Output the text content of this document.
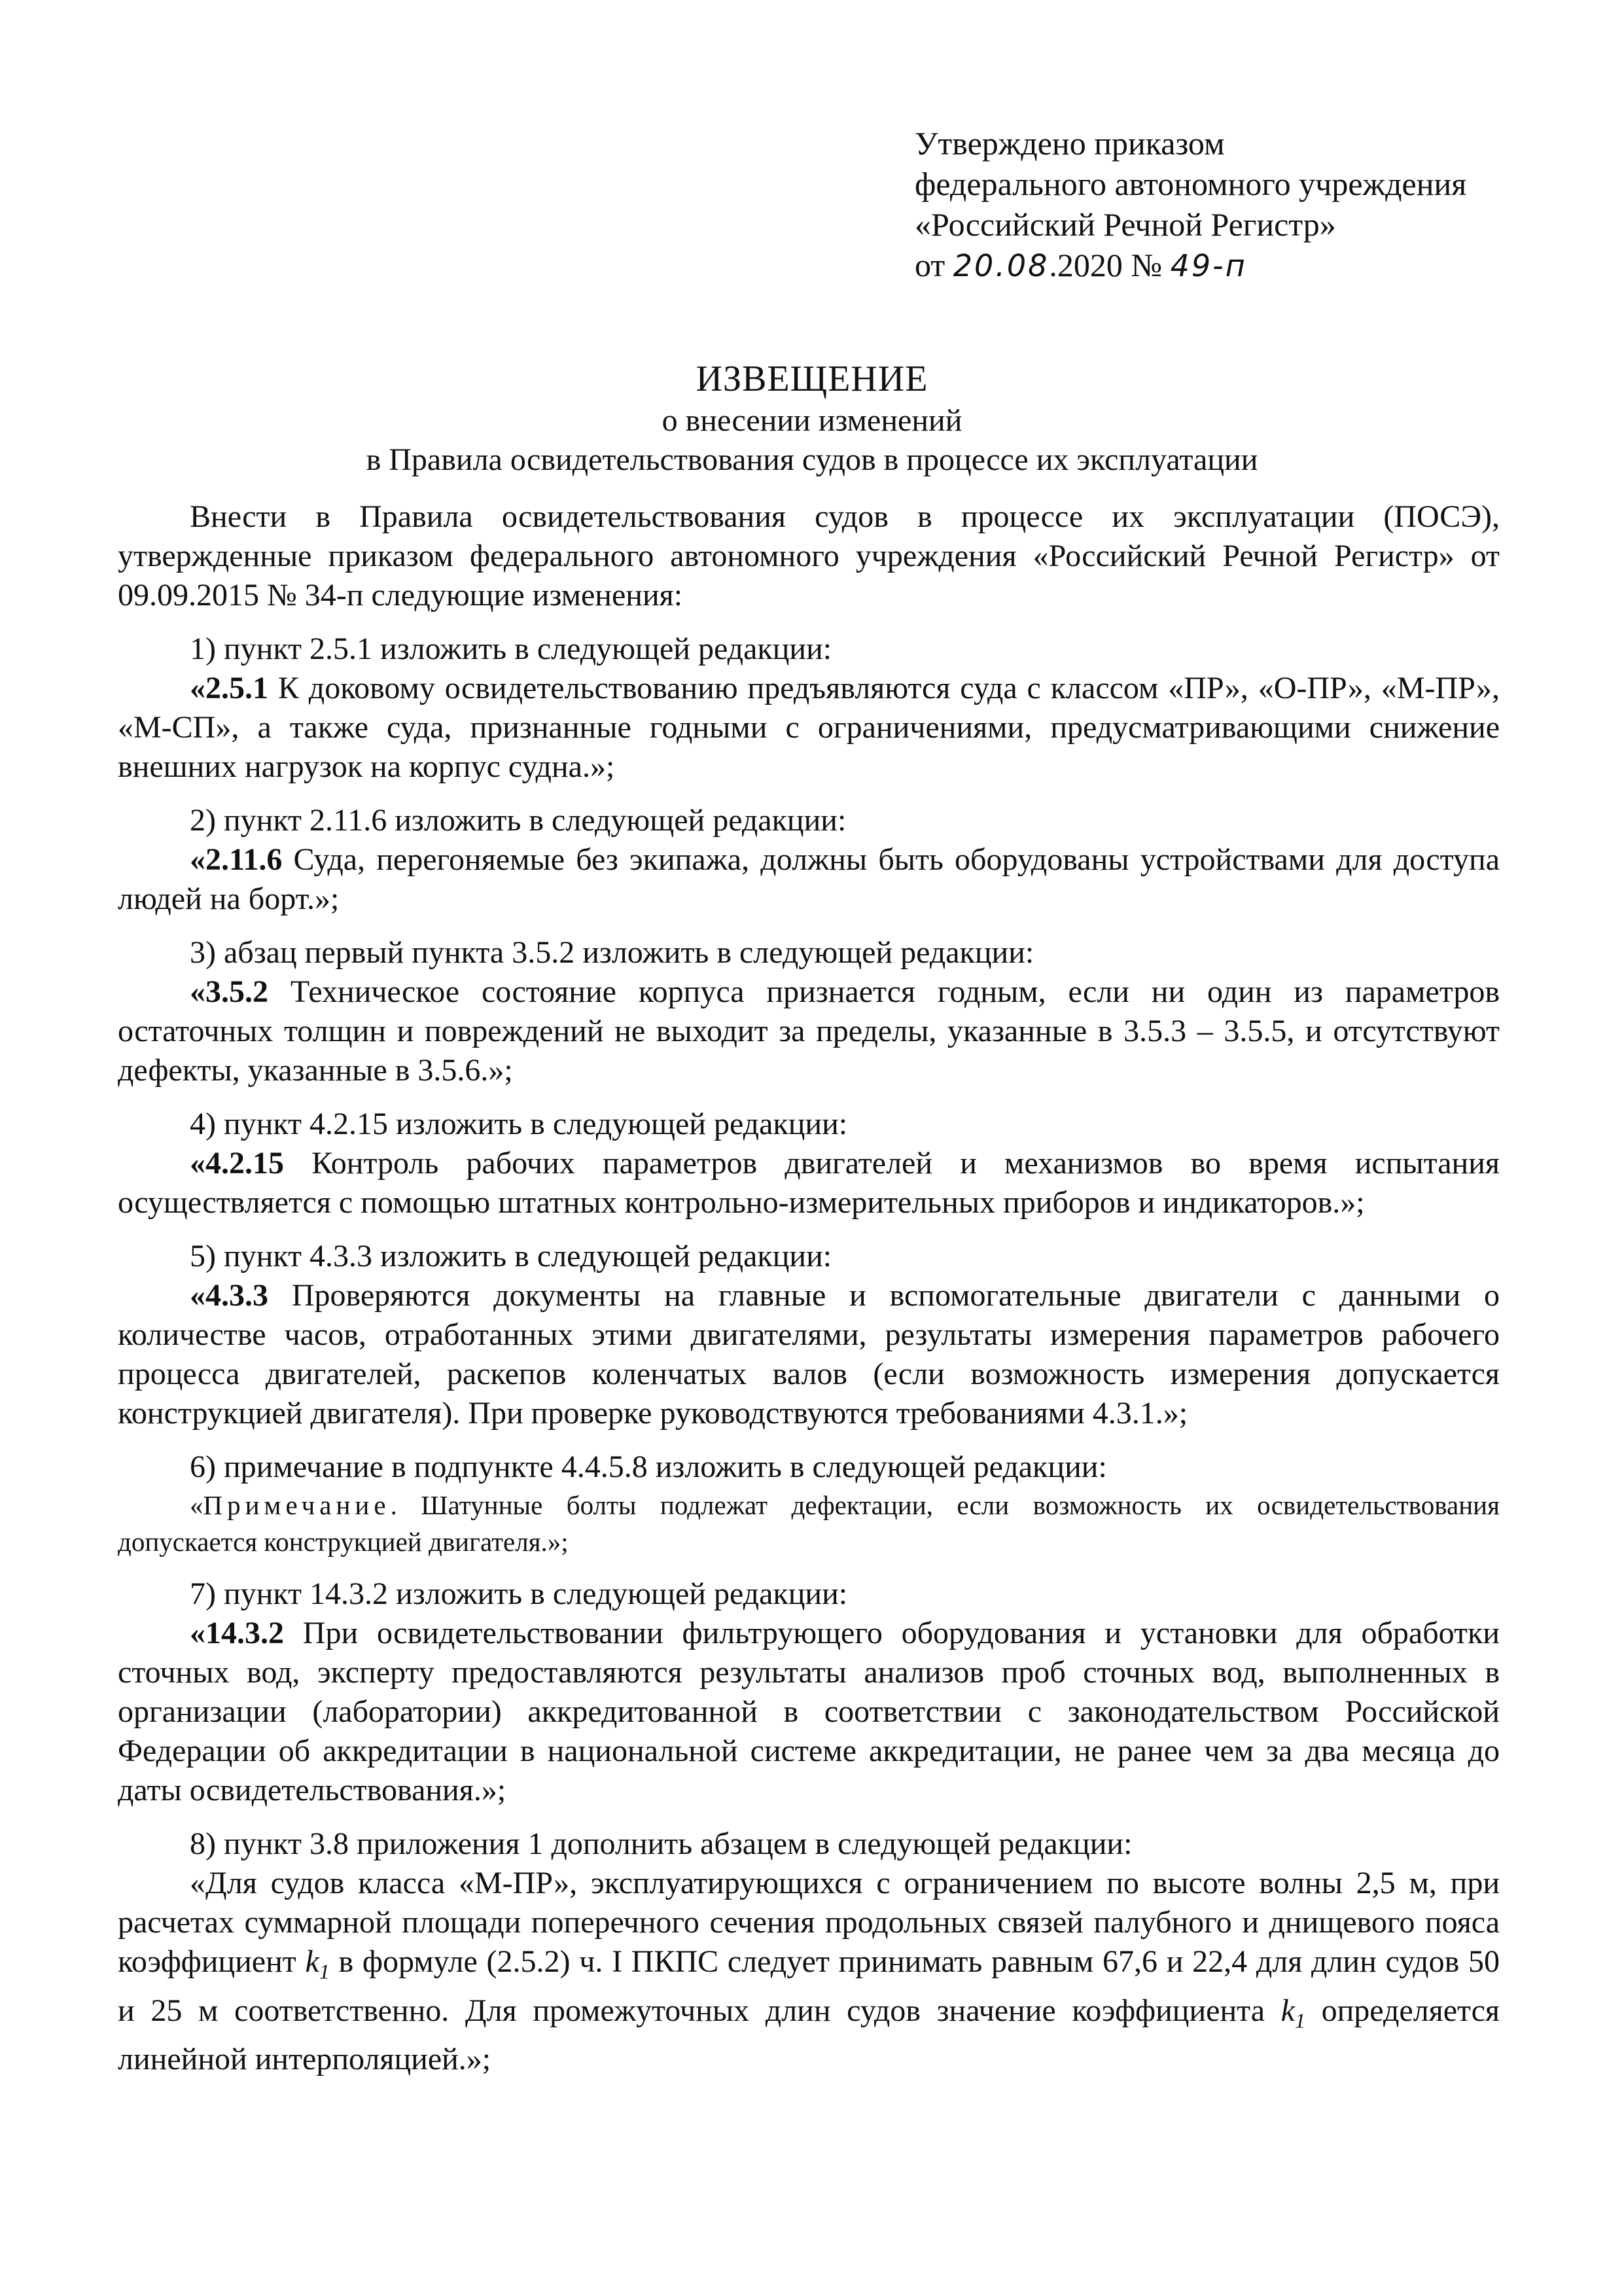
Утверждено приказом
федерального автономного учреждения
«Российский Речной Регистр»
от 20.08.2020 № 49-п
ИЗВЕЩЕНИЕ
о внесении изменений
в Правила освидетельствования судов в процессе их эксплуатации

Внести в Правила освидетельствования судов в процессе их эксплуатации (ПОСЭ), утвержденные приказом федерального автономного учреждения «Российский Речной Регистр» от 09.09.2015 № 34-п следующие изменения:

1) пункт 2.5.1 изложить в следующей редакции:

«2.5.1 К доковому освидетельствованию предъявляются суда с классом «ПР», «О-ПР», «М-ПР», «М-СП», а также суда, признанные годными с ограничениями, предусматривающими снижение внешних нагрузок на корпус судна.»;

2) пункт 2.11.6 изложить в следующей редакции:

«2.11.6 Суда, перегоняемые без экипажа, должны быть оборудованы устройствами для доступа людей на борт.»;

3) абзац первый пункта 3.5.2 изложить в следующей редакции:

«3.5.2 Техническое состояние корпуса признается годным, если ни один из параметров остаточных толщин и повреждений не выходит за пределы, указанные в 3.5.3 – 3.5.5, и отсутствуют дефекты, указанные в 3.5.6.»;

4) пункт 4.2.15 изложить в следующей редакции:

«4.2.15 Контроль рабочих параметров двигателей и механизмов во время испытания осуществляется с помощью штатных контрольно-измерительных приборов и индикаторов.»;

5) пункт 4.3.3 изложить в следующей редакции:

«4.3.3 Проверяются документы на главные и вспомогательные двигатели с данными о количестве часов, отработанных этими двигателями, результаты измерения параметров рабочего процесса двигателей, раскепов коленчатых валов (если возможность измерения допускается конструкцией двигателя). При проверке руководствуются требованиями 4.3.1.»;

6) примечание в подпункте 4.4.5.8 изложить в следующей редакции:

«Примечание. Шатунные болты подлежат дефектации, если возможность их освидетельствования допускается конструкцией двигателя.»;

7) пункт 14.3.2 изложить в следующей редакции:

«14.3.2 При освидетельствовании фильтрующего оборудования и установки для обработки сточных вод, эксперту предоставляются результаты анализов проб сточных вод, выполненных в организации (лаборатории) аккредитованной в соответствии с законодательством Российской Федерации об аккредитации в национальной системе аккредитации, не ранее чем за два месяца до даты освидетельствования.»;

8) пункт 3.8 приложения 1 дополнить абзацем в следующей редакции:

«Для судов класса «М-ПР», эксплуатирующихся с ограничением по высоте волны 2,5 м, при расчетах суммарной площади поперечного сечения продольных связей палубного и днищевого пояса коэффициент $k_1$ в формуле (2.5.2) ч. I ПКПС следует принимать равным 67,6 и 22,4 для длин судов 50 и 25 м соответственно. Для промежуточных длин судов значение коэффициента $k_1$ определяется линейной интерполяцией.»;
